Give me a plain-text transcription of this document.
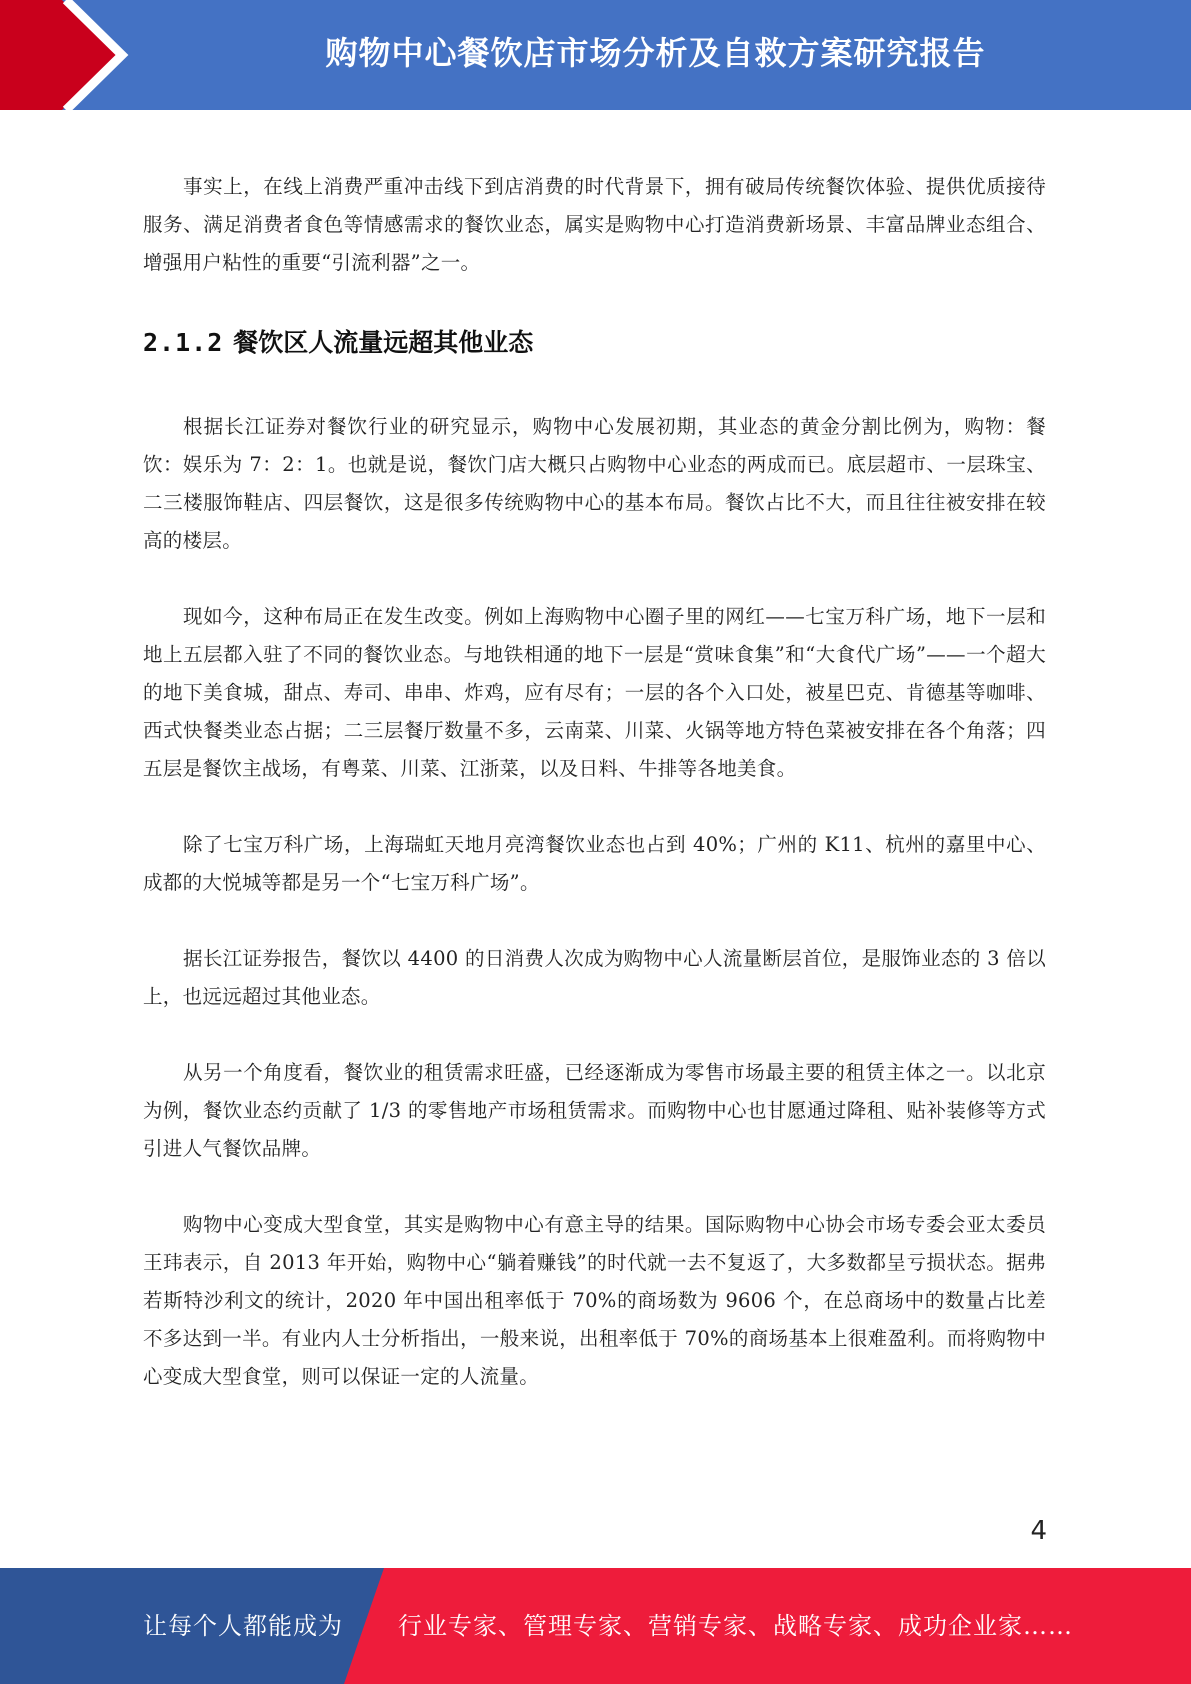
购物中心餐饮店市场分析及自救方案研究报告

事实上，在线上消费严重冲击线下到店消费的时代背景下，拥有破局传统餐饮体验、提供优质接待服务、满足消费者食色等情感需求的餐饮业态，属实是购物中心打造消费新场景、丰富品牌业态组合、增强用户粘性的重要“引流利器”之一。

2.1.2 餐饮区人流量远超其他业态

根据长江证券对餐饮行业的研究显示，购物中心发展初期，其业态的黄金分割比例为，购物：餐饮：娱乐为 7：2：1。也就是说，餐饮门店大概只占购物中心业态的两成而已。底层超市、一层珠宝、二三楼服饰鞋店、四层餐饮，这是很多传统购物中心的基本布局。餐饮占比不大，而且往往被安排在较高的楼层。

现如今，这种布局正在发生改变。例如上海购物中心圈子里的网红——七宝万科广场，地下一层和地上五层都入驻了不同的餐饮业态。与地铁相通的地下一层是“赏味食集”和“大食代广场”——一个超大的地下美食城，甜点、寿司、串串、炸鸡，应有尽有；一层的各个入口处，被星巴克、肯德基等咖啡、西式快餐类业态占据；二三层餐厅数量不多，云南菜、川菜、火锅等地方特色菜被安排在各个角落；四五层是餐饮主战场，有粤菜、川菜、江浙菜，以及日料、牛排等各地美食。

除了七宝万科广场，上海瑞虹天地月亮湾餐饮业态也占到 40%；广州的 K11、杭州的嘉里中心、成都的大悦城等都是另一个“七宝万科广场”。

据长江证券报告，餐饮以 4400 的日消费人次成为购物中心人流量断层首位，是服饰业态的 3 倍以上，也远远超过其他业态。

从另一个角度看，餐饮业的租赁需求旺盛，已经逐渐成为零售市场最主要的租赁主体之一。以北京为例，餐饮业态约贡献了 1/3 的零售地产市场租赁需求。而购物中心也甘愿通过降租、贴补装修等方式引进人气餐饮品牌。

购物中心变成大型食堂，其实是购物中心有意主导的结果。国际购物中心协会市场专委会亚太委员王玮表示，自 2013 年开始，购物中心“躺着赚钱”的时代就一去不复返了，大多数都呈亏损状态。据弗若斯特沙利文的统计，2020 年中国出租率低于 70%的商场数为 9606 个，在总商场中的数量占比差不多达到一半。有业内人士分析指出，一般来说，出租率低于 70%的商场基本上很难盈利。而将购物中心变成大型食堂，则可以保证一定的人流量。

4
让每个人都能成为 行业专家、管理专家、营销专家、战略专家、成功企业家……
